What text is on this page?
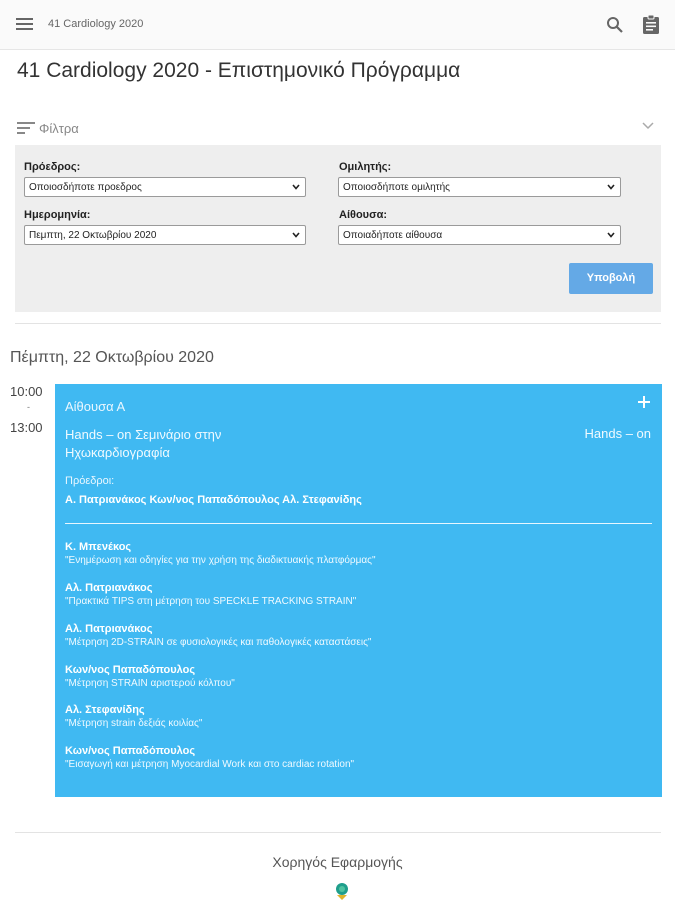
41 Cardiology 2020
41 Cardiology 2020 - Επιστημονικό Πρόγραμμα
Φίλτρα
Πρόεδρος:
Οποιοσδήποτε προεδρος
Ομιλητής:
Οποιοσδήποτε ομιλητής
Ημερομηνία:
Πεμπτη, 22 Οκτωβρίου 2020
Αίθουσα:
Οποιαδήποτε αίθουσα
Υποβολή
Πέμπτη, 22 Οκτωβρίου 2020
10:00
-
13:00
Αίθουσα Α
Hands – on Σεμινάριο στην Ηχωκαρδιογραφία
Hands – on
Πρόεδροι:
Α. Πατριανάκος Κων/νος Παπαδόπουλος Αλ. Στεφανίδης
Κ. Μπενέκος
"Ενημέρωση και οδηγίες για την χρήση της διαδικτυακής πλατφόρμας"
Αλ. Πατριανάκος
"Πρακτικά TIPS στη μέτρηση του SPECKLE TRACKING STRAIN"
Αλ. Πατριανάκος
"Μέτρηση 2D-STRAIN σε φυσιολογικές και παθολογικές καταστάσεις"
Κων/νος Παπαδόπουλος
"Μέτρηση STRAIN αριστερού κόλπου"
Αλ. Στεφανίδης
"Μέτρηση strain δεξιάς κοιλίας"
Κων/νος Παπαδόπουλος
"Εισαγωγή και μέτρηση Myocardial Work και στο cardiac rotation"
Χορηγός Εφαρμογής
